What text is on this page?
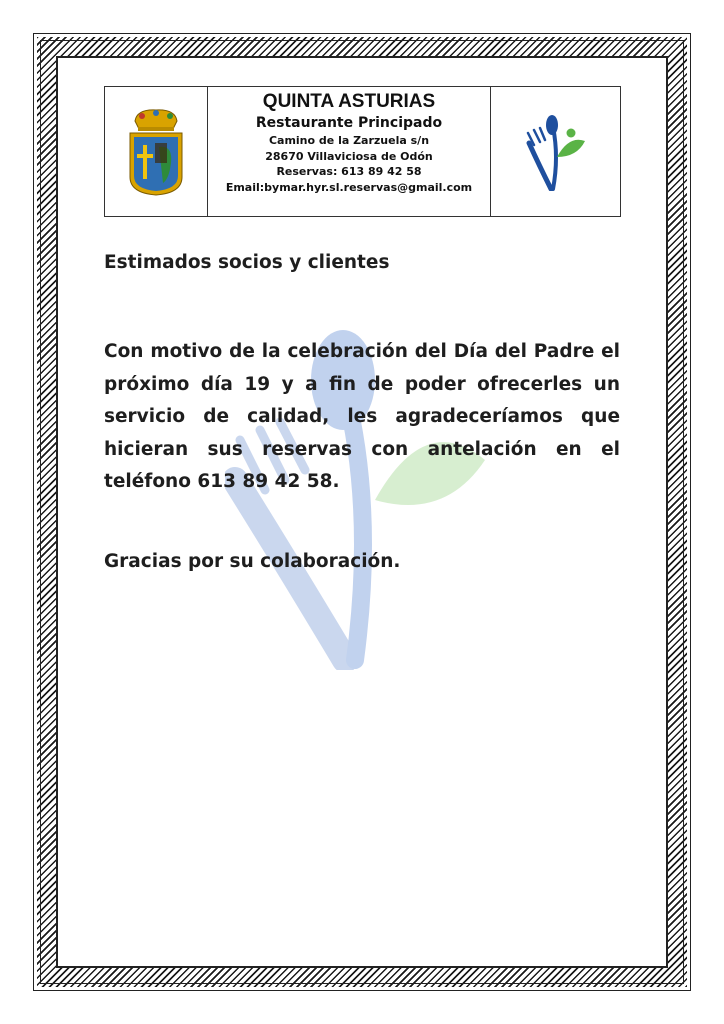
QUINTA ASTURIAS
Restaurante Principado
Camino de la Zarzuela s/n
28670 Villaviciosa de Odón
Reservas: 613 89 42 58
Email:bymar.hyr.sl.reservas@gmail.com
Estimados socios y clientes
Con motivo de la celebración del Día del Padre el próximo día 19 y a fin de poder ofrecerles un servicio de calidad, les agradeceríamos que hicieran sus reservas con antelación en el teléfono 613 89 42 58.
Gracias por su colaboración.
